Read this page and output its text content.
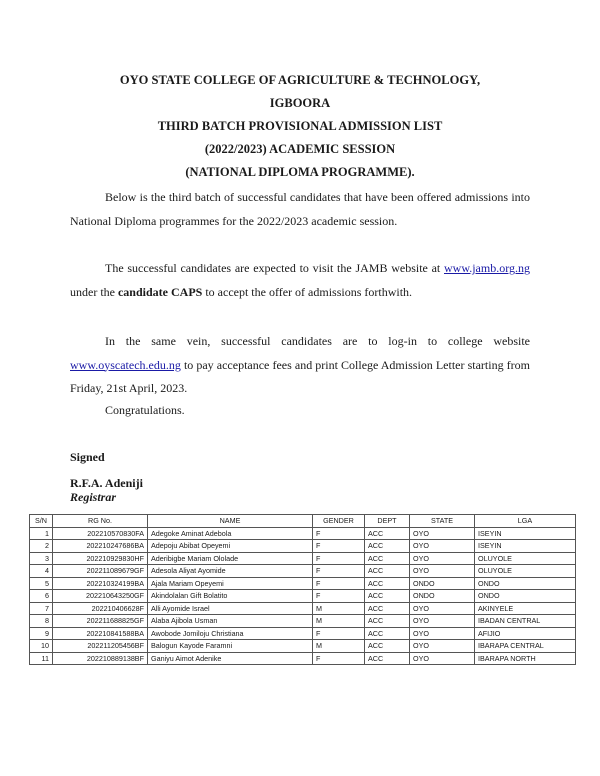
OYO STATE COLLEGE OF AGRICULTURE & TECHNOLOGY,
IGBOORA
THIRD BATCH PROVISIONAL ADMISSION LIST
(2022/2023) ACADEMIC SESSION
(NATIONAL DIPLOMA PROGRAMME).
Below is the third batch of successful candidates that have been offered admissions into National Diploma programmes for the 2022/2023 academic session.
The successful candidates are expected to visit the JAMB website at www.jamb.org.ng under the candidate CAPS to accept the offer of admissions forthwith.
In the same vein, successful candidates are to log-in to college website www.oyscatech.edu.ng to pay acceptance fees and print College Admission Letter starting from Friday, 21st April, 2023.
Congratulations.
Signed
R.F.A. Adeniji
Registrar
S/N	RG No.	NAME	GENDER	DEPT	STATE	LGA
1	202210570830FA	Adegoke Aminat Adebola	F	ACC	OYO	ISEYIN
2	202210247686BA	Adepoju Abibat Opeyemi	F	ACC	OYO	ISEYIN
3	202210929830HF	Aderibigbe Mariam Ololade	F	ACC	OYO	OLUYOLE
4	202211089679GF	Adesola Aliyat Ayomide	F	ACC	OYO	OLUYOLE
5	202210324199BA	Ajala Mariam Opeyemi	F	ACC	ONDO	ONDO
6	202210643250GF	Akindolalan Gift Bolatito	F	ACC	ONDO	ONDO
7	202210406628F	Alli Ayomide Israel	M	ACC	OYO	AKINYELE
8	202211688825GF	Alaba Ajibola Usman	M	ACC	OYO	IBADAN CENTRAL
9	202210841588BA	Awobode Jomiloju Christiana	F	ACC	OYO	AFIJIO
10	202211205456BF	Balogun Kayode Faramni	M	ACC	OYO	IBARAPA CENTRAL
11	202210889138BF	Ganiyu Aimot Adenike	F	ACC	OYO	IBARAPA NORTH
